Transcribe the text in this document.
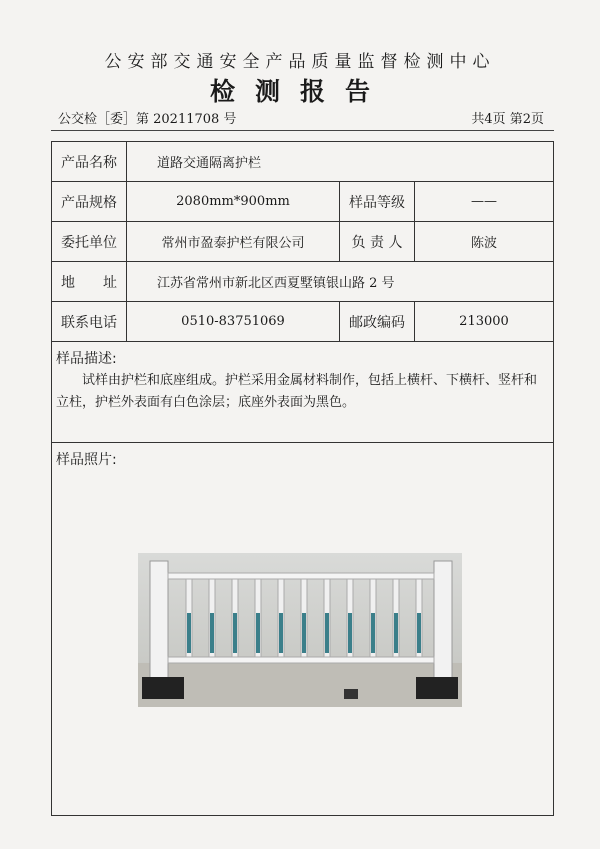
公安部交通安全产品质量监督检测中心
检测报告
公交检［委］第 20211708 号	共4页 第2页
产品名称	道路交通隔离护栏		
产品规格	2080mm*900mm	样品等级	——
委托单位	常州市盈泰护栏有限公司	负 责 人	陈波
地　　址	江苏省常州市新北区西夏墅镇银山路 2 号		
联系电话	0510-83751069	邮政编码	213000

样品描述:
试样由护栏和底座组成。护栏采用金属材料制作，包括上横杆、下横杆、竖杆和立柱，护栏外表面有白色涂层；底座外表面为黑色。			

样品照片:			
